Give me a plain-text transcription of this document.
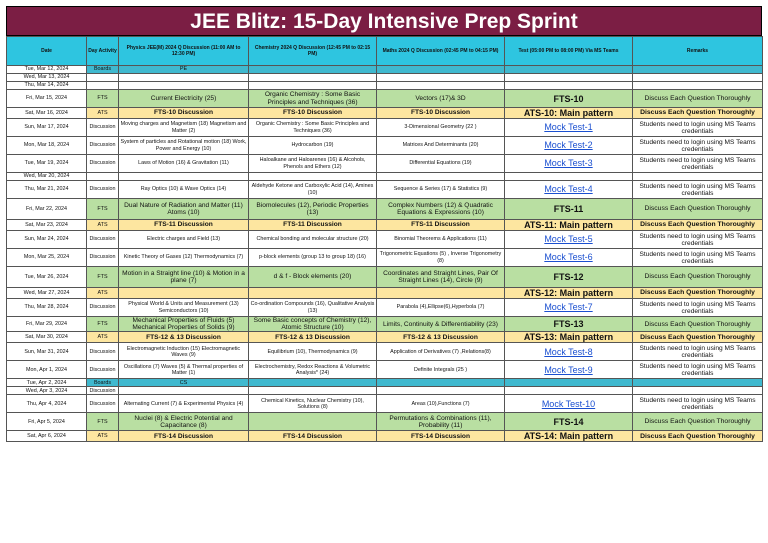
JEE Blitz: 15-Day Intensive Prep Sprint
Date	Day Activity	Physics JEE(M) 2024 Q Discussion (11:00 AM to 12:30 PM)	Chemistry 2024 Q Discussion (12:45 PM to 02:15 PM)	Maths 2024 Q Discussion (02:45 PM to 04:15 PM)	Test (05:00 PM to 08:00 PM) Via MS Teams	Remarks
Tue, Mar 12, 2024	Boards	PE				
Wed, Mar 13, 2024						
Thu, Mar 14, 2024						
Fri, Mar 15, 2024	FTS	Current Electricity (25)	Organic Chemistry : Some Basic Principles and Techniques (36)	Vectors (17)& 3D	FTS-10	Discuss Each Question Thoroughly
Sat, Mar 16, 2024	ATS	FTS-10 Discussion	FTS-10 Discussion	FTS-10 Discussion	ATS-10: Main pattern	Discuss Each Question Thoroughly
Sun, Mar 17, 2024	Discussion	Moving charges and Magnetism (18) Magnetism and Matter (2)	Organic Chemistry : Some Basic Principles and Techniques (36)	3-Dimensional Geometry (22 )	Mock Test-1	Students need to login using MS Teams credentials
Mon, Mar 18, 2024	Discussion	System of particles and Rotational motion (18) Work, Power and Energy (10)	Hydrocarbon (19)	Matrices And Determinants (20)	Mock Test-2	Students need to login using MS Teams credentials
Tue, Mar 19, 2024	Discussion	Laws of Motion (16) & Gravitation (11)	Haloalkane and Haloarenes (16) & Alcohols, Phenols and Ethers (12)	Differential Equations (19)	Mock Test-3	Students need to login using MS Teams credentials
Wed, Mar 20, 2024						
Thu, Mar 21, 2024	Discussion	Ray Optics (10) & Wave Optics (14)	Aldehyde Ketone and Carboxylic Acid (14), Amines (10)	Sequence & Series (17) & Statistics (9)	Mock Test-4	Students need to login using MS Teams credentials
Fri, Mar 22, 2024	FTS	Dual Nature of Radiation and Matter (11) Atoms (10)	Biomolecules (12), Periodic Properties (13)	Complex Numbers (12) & Quadratic Equations & Expressions (10)	FTS-11	Discuss Each Question Thoroughly
Sat, Mar 23, 2024	ATS	FTS-11 Discussion	FTS-11 Discussion	FTS-11 Discussion	ATS-11: Main pattern	Discuss Each Question Thoroughly
Sun, Mar 24, 2024	Discussion	Electric charges and Field (13)	Chemical bonding and molecular structure (20)	Binomial Theorems & Applications (11)	Mock Test-5	Students need to login using MS Teams credentials
Mon, Mar 25, 2024	Discussion	Kinetic Theory of Gases (12) Thermodynamics (7)	p-block elements (group 13 to group 18) (16)	Trigonometric Equations (5) , Inverse Trigonometry (8)	Mock Test-6	Students need to login using MS Teams credentials
Tue, Mar 26, 2024	FTS	Motion in a Straight line (10) & Motion in a plane (7)	d & f - Block elements (20)	Coordinates and Straight Lines, Pair Of Straight Lines (14), Circle (9)	FTS-12	Discuss Each Question Thoroughly
Wed, Mar 27, 2024	ATS				ATS-12: Main pattern	Discuss Each Question Thoroughly
Thu, Mar 28, 2024	Discussion	Physical World & Units and Measurement (13) Semiconductors (10)	Co-ordination Compounds (16), Qualitative Analysis (13)	Parabola (4),Ellipse(6),Hyperbola (7)	Mock Test-7	Students need to login using MS Teams credentials
Fri, Mar 29, 2024	FTS	Mechanical Properties of Fluids (5) Mechanical Properties of Solids (9)	Some Basic concepts of Chemistry (12), Atomic Structure (10)	Limits, Continuity & Differentiability (23)	FTS-13	Discuss Each Question Thoroughly
Sat, Mar 30, 2024	ATS	FTS-12 & 13 Discussion	FTS-12 & 13 Discussion	FTS-12 & 13 Discussion	ATS-13: Main pattern	Discuss Each Question Thoroughly
Sun, Mar 31, 2024	Discussion	Electromagnetic Induction (15) Electromagnetic Waves (9)	Equilibrium (10), Thermodynamics (9)	Application of Derivatives (7) ,Relations(8)	Mock Test-8	Students need to login using MS Teams credentials
Mon, Apr 1, 2024	Discussion	Oscillations (7) Waves (5) & Thermal properties of Matter (1)	Electrochemistry, Redox Reactions & Volumetric Analysis* (24)	Definite Integrals (25 )	Mock Test-9	Students need to login using MS Teams credentials
Tue, Apr 2, 2024	Boards	CS				
Wed, Apr 3, 2024	Discussion					
Thu, Apr 4, 2024	Discussion	Alternating Current (7) & Experimental Physics (4)	Chemical Kinetics, Nuclear Chemistry (10), Solutions (8)	Areas (10),Functions (7)	Mock Test-10	Students need to login using MS Teams credentials
Fri, Apr 5, 2024	FTS	Nuclei (8) & Electric Potential and Capacitance (8)		Permutations & Combinations (11), Probability (11)	FTS-14	Discuss Each Question Thoroughly
Sat, Apr 6, 2024	ATS	FTS-14 Discussion	FTS-14 Discussion	FTS-14 Discussion	ATS-14: Main pattern	Discuss Each Question Thoroughly
